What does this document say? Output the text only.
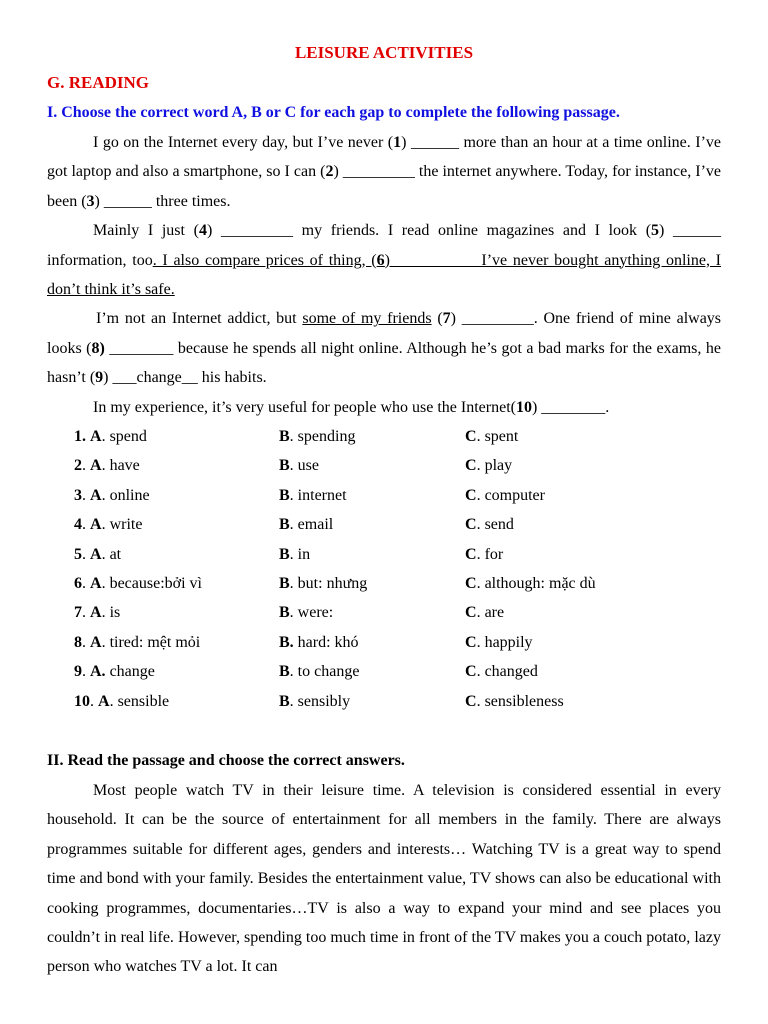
LEISURE ACTIVITIES
G. READING
I. Choose the correct word A, B or C for each gap to complete the following passage.

I go on the Internet every day, but I’ve never (1) ______ more than an hour at a time online. I’ve got laptop and also a smartphone, so I can (2) _________ the internet anywhere. Today, for instance, I’ve been (3) ______ three times.

Mainly I just (4) _________ my friends. I read online magazines and I look (5) ______ information, too. I also compare prices of thing, (6) __________ I’ve never bought anything online, I don’t think it’s safe.

I’m not an Internet addict, but some of my friends (7) _________. One friend of mine always looks (8) ________ because he spends all night online. Although he’s got a bad marks for the exams, he hasn’t (9) ___change__ his habits.

In my experience, it’s very useful for people who use the Internet(10) ________.

1. A. spend	B. spending	C. spent
2. A. have	B. use	C. play
3. A. online	B. internet	C. computer
4. A. write	B. email	C. send
5. A. at	B. in	C. for
6. A. because:bởi vì	B. but: nhưng	C. although: mặc dù
7. A. is	B. were:	C. are
8. A. tired: mệt mỏi	B. hard: khó	C. happily
9. A. change	B. to change	C. changed
10. A. sensible	B. sensibly	C. sensibleness
II. Read the passage and choose the correct answers.

Most people watch TV in their leisure time. A television is considered essential in every household. It can be the source of entertainment for all members in the family. There are always programmes suitable for different ages, genders and interests… Watching TV is a great way to spend time and bond with your family. Besides the entertainment value, TV shows can also be educational with cooking programmes, documentaries…TV is also a way to expand your mind and see places you couldn’t in real life. However, spending too much time in front of the TV makes you a couch potato, lazy person who watches TV a lot. It can
